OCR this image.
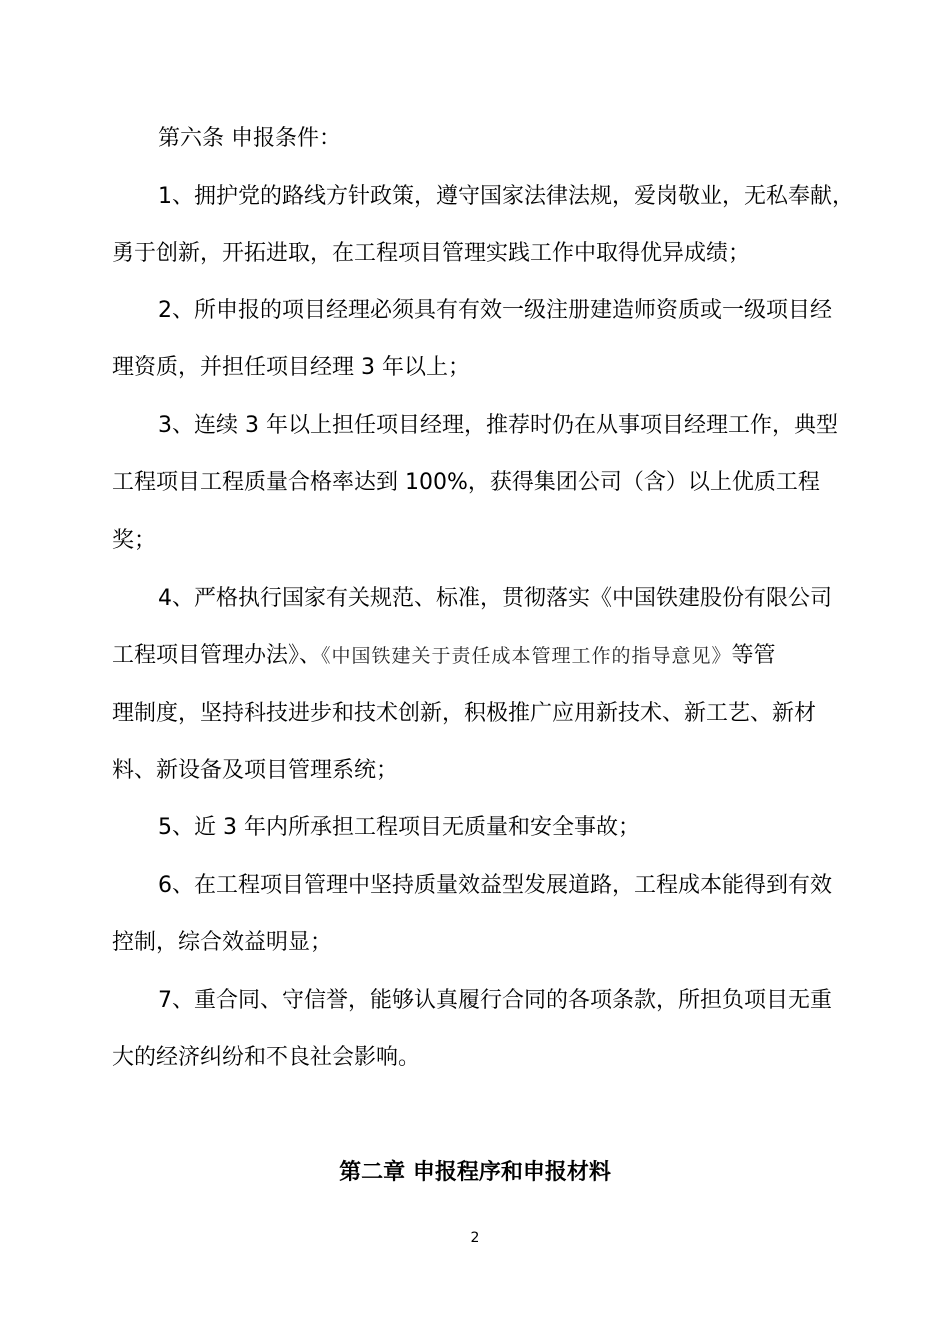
第六条 申报条件：
1、拥护党的路线方针政策，遵守国家法律法规，爱岗敬业，无私奉献，
勇于创新，开拓进取，在工程项目管理实践工作中取得优异成绩；
2、所申报的项目经理必须具有有效一级注册建造师资质或一级项目经
理资质，并担任项目经理 3 年以上；
3、连续 3 年以上担任项目经理，推荐时仍在从事项目经理工作，典型
工程项目工程质量合格率达到 100%，获得集团公司（含）以上优质工程
奖；
4、严格执行国家有关规范、标准，贯彻落实《中国铁建股份有限公司
工程项目管理办法》、《中国铁建关于责任成本管理工作的指导意见》等管
理制度，坚持科技进步和技术创新，积极推广应用新技术、新工艺、新材
料、新设备及项目管理系统；
5、近 3 年内所承担工程项目无质量和安全事故；
6、在工程项目管理中坚持质量效益型发展道路，工程成本能得到有效
控制，综合效益明显；
7、重合同、守信誉，能够认真履行合同的各项条款，所担负项目无重
大的经济纠纷和不良社会影响。
第二章 申报程序和申报材料
2
